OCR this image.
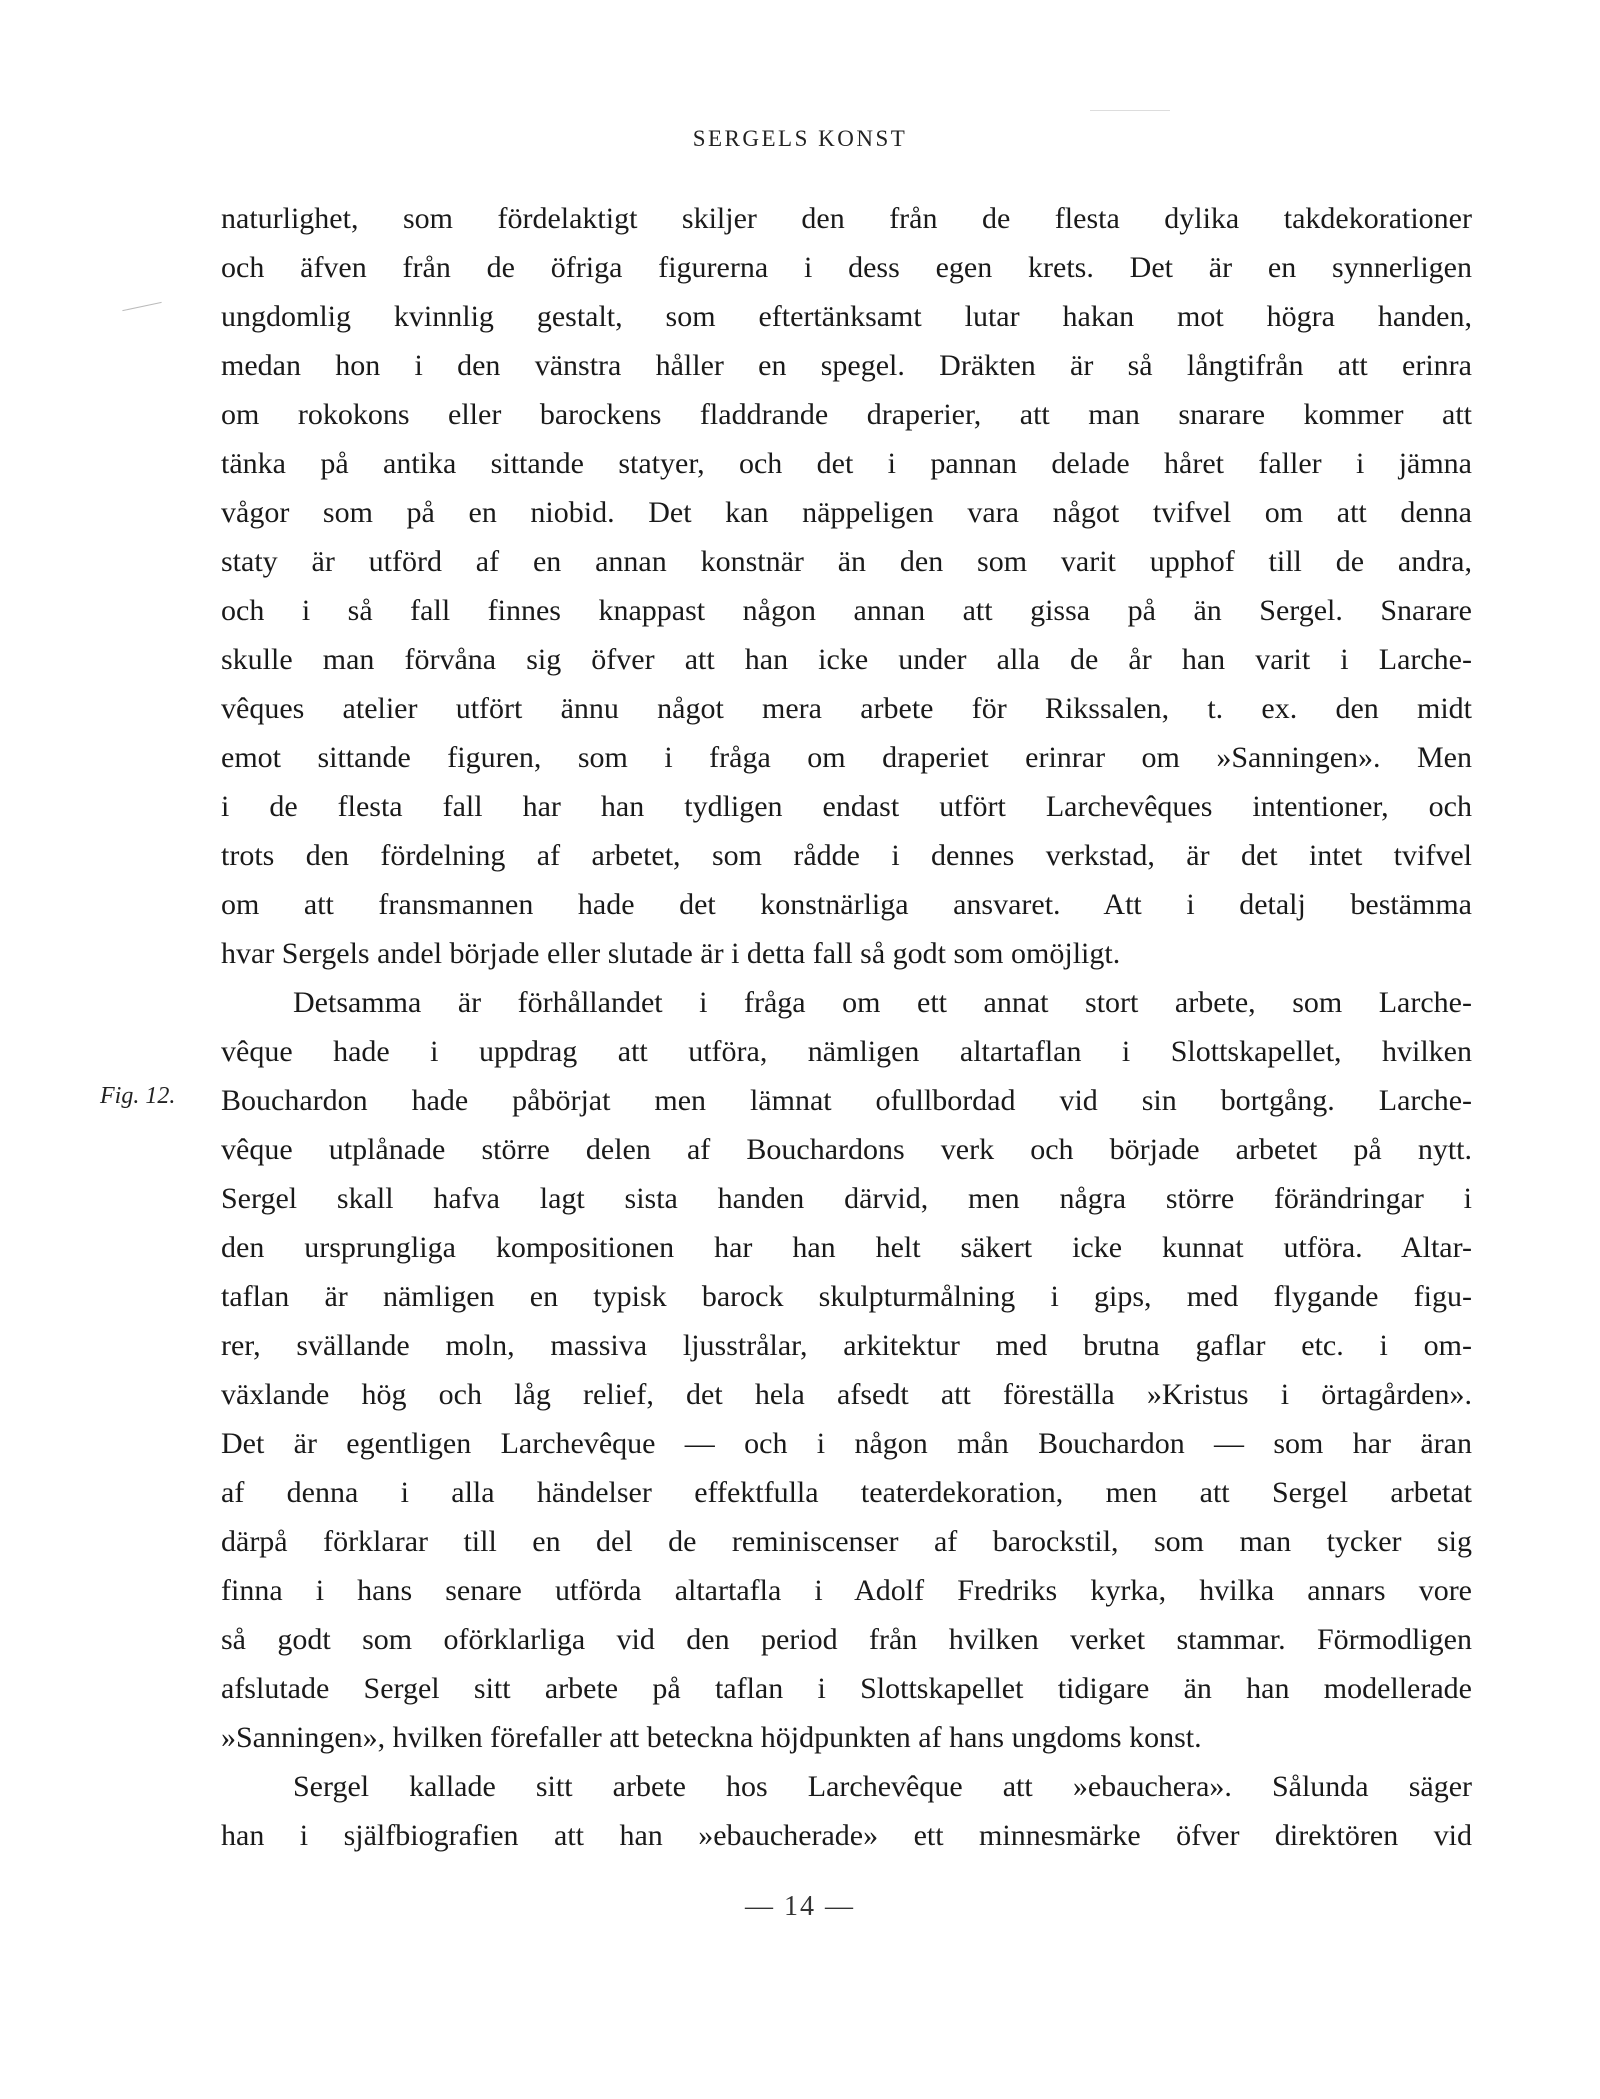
SERGELS KONST
Fig. 12.
naturlighet, som fördelaktigt skiljer den från de flesta dylika takdekorationer
och äfven från de öfriga figurerna i dess egen krets. Det är en synnerligen
ungdomlig kvinnlig gestalt, som eftertänksamt lutar hakan mot högra handen,
medan hon i den vänstra håller en spegel. Dräkten är så långtifrån att erinra
om rokokons eller barockens fladdrande draperier, att man snarare kommer att
tänka på antika sittande statyer, och det i pannan delade håret faller i jämna
vågor som på en niobid. Det kan näppeligen vara något tvifvel om att denna
staty är utförd af en annan konstnär än den som varit upphof till de andra,
och i så fall finnes knappast någon annan att gissa på än Sergel. Snarare
skulle man förvåna sig öfver att han icke under alla de år han varit i Larche-
vêques atelier utfört ännu något mera arbete för Rikssalen, t. ex. den midt
emot sittande figuren, som i fråga om draperiet erinrar om »Sanningen». Men
i de flesta fall har han tydligen endast utfört Larchevêques intentioner, och
trots den fördelning af arbetet, som rådde i dennes verkstad, är det intet tvifvel
om att fransmannen hade det konstnärliga ansvaret. Att i detalj bestämma
hvar Sergels andel började eller slutade är i detta fall så godt som omöjligt.
Detsamma är förhållandet i fråga om ett annat stort arbete, som Larche-
vêque hade i uppdrag att utföra, nämligen altartaflan i Slottskapellet, hvilken
Bouchardon hade påbörjat men lämnat ofullbordad vid sin bortgång. Larche-
vêque utplånade större delen af Bouchardons verk och började arbetet på nytt.
Sergel skall hafva lagt sista handen därvid, men några större förändringar i
den ursprungliga kompositionen har han helt säkert icke kunnat utföra. Altar-
taflan är nämligen en typisk barock skulpturmålning i gips, med flygande figu-
rer, svällande moln, massiva ljusstrålar, arkitektur med brutna gaflar etc. i om-
växlande hög och låg relief, det hela afsedt att föreställa »Kristus i örtagården».
Det är egentligen Larchevêque — och i någon mån Bouchardon — som har äran
af denna i alla händelser effektfulla teaterdekoration, men att Sergel arbetat
därpå förklarar till en del de reminiscenser af barockstil, som man tycker sig
finna i hans senare utförda altartafla i Adolf Fredriks kyrka, hvilka annars vore
så godt som oförklarliga vid den period från hvilken verket stammar. Förmodligen
afslutade Sergel sitt arbete på taflan i Slottskapellet tidigare än han modellerade
»Sanningen», hvilken förefaller att beteckna höjdpunkten af hans ungdoms konst.
Sergel kallade sitt arbete hos Larchevêque att »ebauchera». Sålunda säger
han i själfbiografien att han »ebaucherade» ett minnesmärke öfver direktören vid
— 14 —
